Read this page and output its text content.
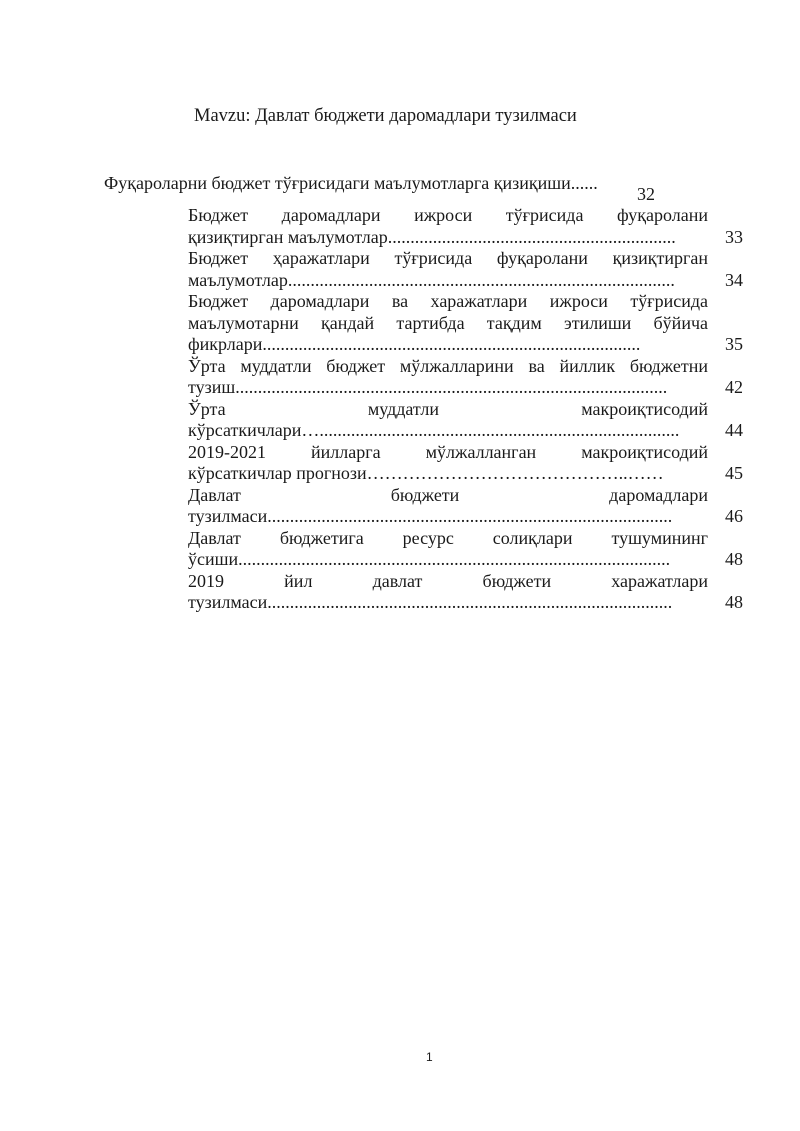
Mavzu: Давлат бюджети даромадлари тузилмаси
Фуқароларни бюджет тўғрисидаги маълумотларга қизиқиши......
32
Бюджет даромадлари ижроси тўғрисида фуқаролани
қизиқтирган маълумотлар................................................................	33
Бюджет ҳаражатлари тўғрисида фуқаролани қизиқтирган
маълумотлар......................................................................................	34
Бюджет даромадлари ва харажатлари ижроси тўғрисида
маълумотарни қандай тартибда тақдим этилиши бўйича
фикрлари....................................................................................	35
Ўрта муддатли бюджет мўлжалларини ва йиллик бюджетни
тузиш................................................................................................	42
Ўрта муддатли макроиқтисодий
кўрсаткичлари…................................................................................	44
2019-2021 йилларга мўлжалланган макроиқтисодий
кўрсаткичлар прогнози……………………………………..……	45
Давлат бюджети даромадлари
тузилмаси..........................................................................................	46
Давлат бюджетига ресурс солиқлари тушумининг
ўсиши................................................................................................	48
2019 йил давлат бюджети харажатлари
тузилмаси..........................................................................................	48
1
